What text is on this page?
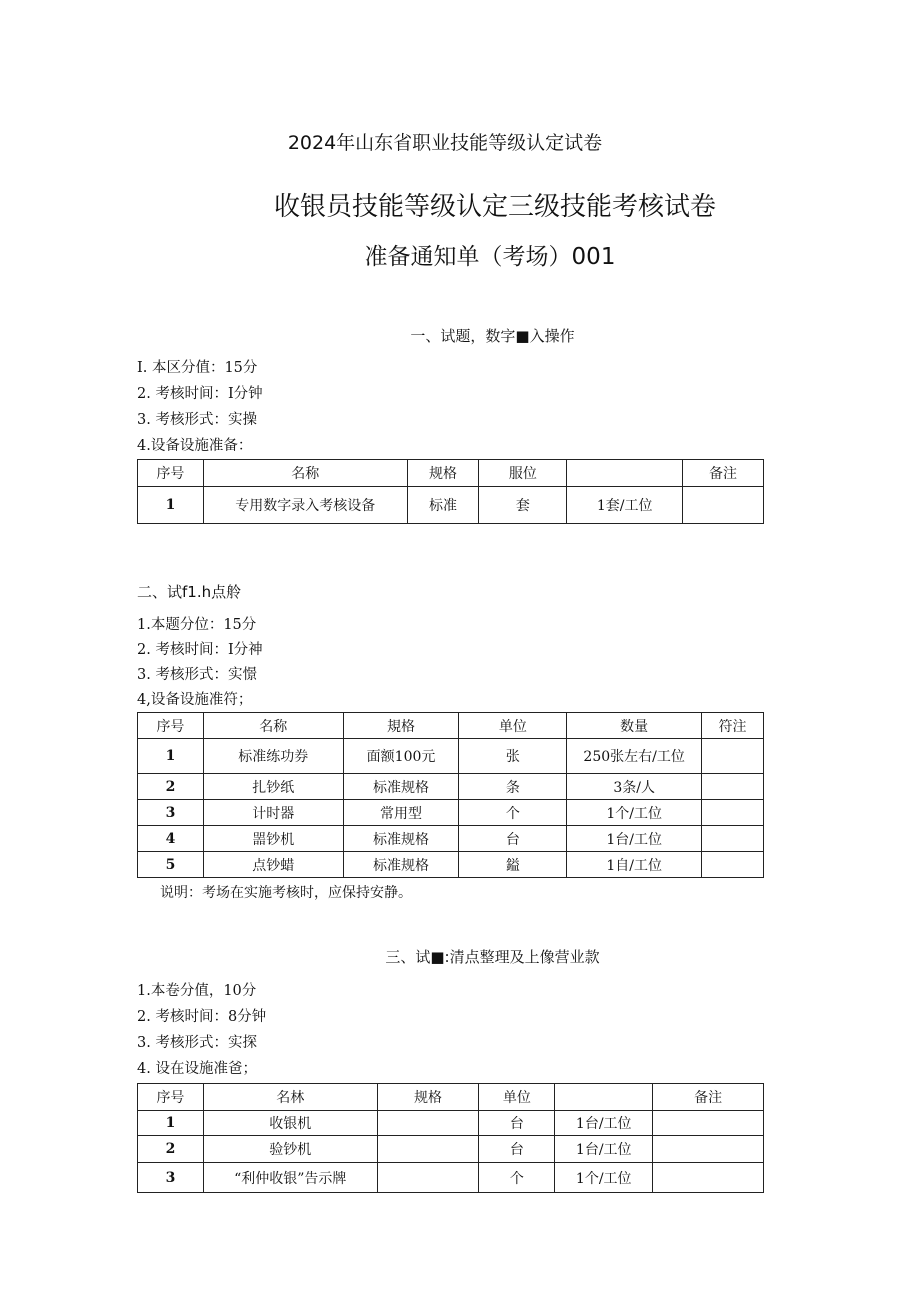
2024年山东省职业技能等级认定试卷
收银员技能等级认定三级技能考核试卷
准备通知单（考场）001
一、试题，数字■入操作
I. 本区分值：15分
2. 考核时间：I分钟
3. 考核形式：实操
4.设备设施准备：
序号	名称	规格	服位		备注
1	专用数字录入考核设备	标准	套	1套/工位	
二、试f1.h点舲
1.本题分位：15分
2. 考核时间：I分神
3. 考核形式：实憬
4,设备设施准符；
序号	名称	規格	单位	数量	符注
1	标准练功券	面额100元	张	250张左右/工位	
2	扎钞纸	标准规格	条	3条/人	
3	计时器	常用型	个	1个/工位	
4	噐钞机	标准规格	台	1台/工位	
5	点钞蜡	标准规格	鎰	1自/工位	
说明：考场在实施考核时，应保持安静。
三、试■:清点整理及上像营业款
1.本卷分值，10分
2. 考核时间：8分钟
3. 考核形式：实探
4. 设在设施准爸；
序号	名林	规格	单位		备注
1	收银机		台	1台/工位	
2	验钞机		台	1台/工位	
3	“利仲收银”告示牌		个	1个/工位	
